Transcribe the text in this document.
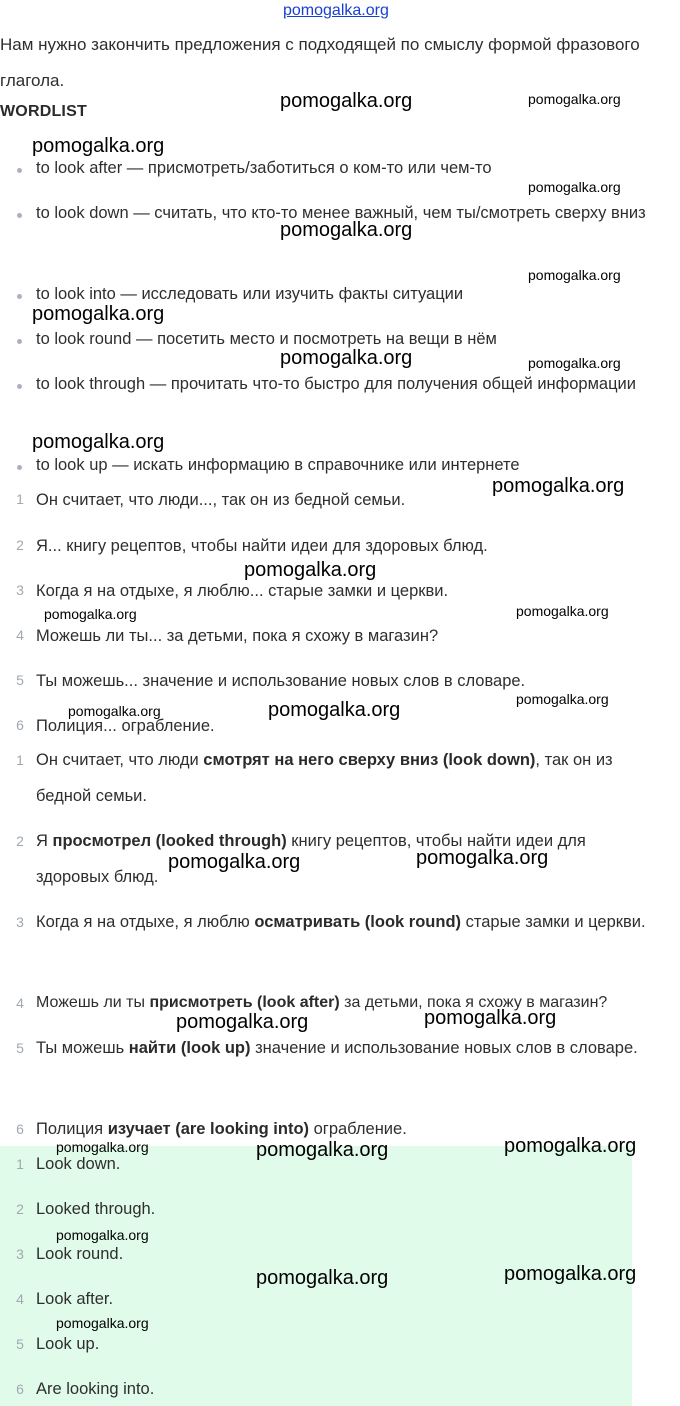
pomogalka.org

Нам нужно закончить предложения с подходящей по смыслу формой фразового глагола.

WORDLIST
to look after — присмотреть/заботиться о ком-то или чем-то
to look down — считать, что кто-то менее важный, чем ты/смотреть сверху вниз
to look into — исследовать или изучить факты ситуации
to look round — посетить место и посмотреть на вещи в нём
to look through — прочитать что-то быстро для получения общей информации
to look up — искать информацию в справочнике или интернете
1 Он считает, что люди..., так он из бедной семьи.
2 Я... книгу рецептов, чтобы найти идеи для здоровых блюд.
3 Когда я на отдыхе, я люблю... старые замки и церкви.
4 Можешь ли ты... за детьми, пока я схожу в магазин?
5 Ты можешь... значение и использование новых слов в словаре.
6 Полиция... ограбление.
1 Он считает, что люди смотрят на него сверху вниз (look down), так он из бедной семьи.
2 Я просмотрел (looked through) книгу рецептов, чтобы найти идеи для здоровых блюд.
3 Когда я на отдыхе, я люблю осматривать (look round) старые замки и церкви.
4 Можешь ли ты присмотреть (look after) за детьми, пока я схожу в магазин?
5 Ты можешь найти (look up) значение и использование новых слов в словаре.
6 Полиция изучает (are looking into) ограбление.
1 Look down.
2 Looked through.
3 Look round.
4 Look after.
5 Look up.
6 Are looking into.
pomogalka.org	pomogalka.org
pomogalka.org
pomogalka.org
pomogalka.org
pomogalka.org
pomogalka.org
pomogalka.org	pomogalka.org
pomogalka.org
pomogalka.org
pomogalka.org
pomogalka.org	pomogalka.org
pomogalka.org
pomogalka.org	pomogalka.org
pomogalka.org	pomogalka.org
pomogalka.org	pomogalka.org
pomogalka.org	pomogalka.org	pomogalka.org
pomogalka.org
pomogalka.org	pomogalka.org
pomogalka.org
